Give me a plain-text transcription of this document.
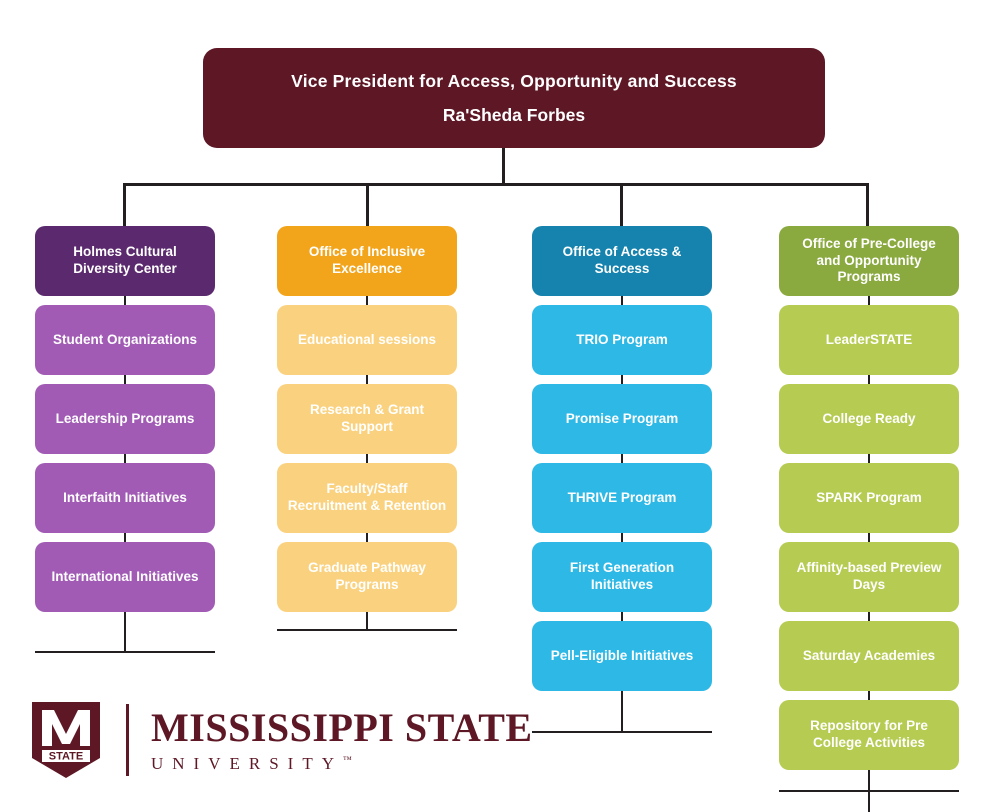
Vice President for Access, Opportunity and Success
Ra'Sheda Forbes
Holmes Cultural Diversity Center
Student Organizations
Leadership Programs
Interfaith Initiatives
International Initiatives
Office of Inclusive Excellence
Educational sessions
Research & Grant Support
Faculty/Staff Recruitment & Retention
Graduate Pathway Programs
Office of Access & Success
TRIO Program
Promise Program
THRIVE Program
First Generation Initiatives
Pell-Eligible Initiatives
Office of Pre-College and Opportunity Programs
LeaderSTATE
College Ready
SPARK Program
Affinity-based Preview Days
Saturday Academies
Repository for Pre College Activities
STATE
MISSISSIPPI STATE
UNIVERSITY™
